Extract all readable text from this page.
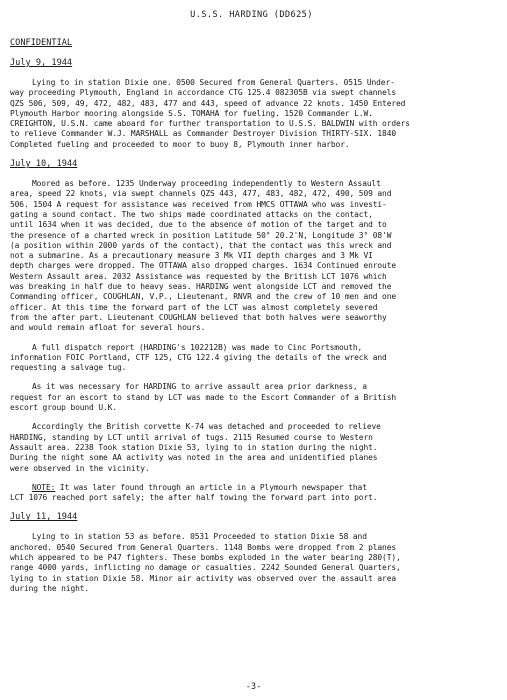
U.S.S. HARDING (DD625)
CONFIDENTIAL
July 9, 1944
Lying to in station Dixie one. 0500 Secured from General Quarters. 0515 Under-
way proceeding Plymouth, England in accordance CTG 125.4 082305B via swept channels
QZS 506, 509, 49, 472, 482, 483, 477 and 443, speed of advance 22 knots. 1450 Entered
Plymouth Harbor mooring alongside S.S. TOMAHA for fueling. 1520 Commander L.W.
CREIGHTON, U.S.N. came aboard for further transportation to U.S.S. BALDWIN with orders
to relieve Commander W.J. MARSHALL as Commander Destroyer Division THIRTY-SIX. 1840
Completed fueling and proceeded to moor to buoy 8, Plymouth inner harbor.
July 10, 1944
Moored as before. 1235 Underway proceeding independently to Western Assault
area, speed 22 knots, via swept channels QZS 443, 477, 483, 482, 472, 490, 509 and
506. 1504 A request for assistance was received from HMCS OTTAWA who was investi-
gating a sound contact. The two ships made coordinated attacks on the contact,
until 1634 when it was decided, due to the absence of motion of the target and to
the presence of a charted wreck in position Latitude 50° 20.2'N, Longitude 3° 08'W
(a position within 2000 yards of the contact), that the contact was this wreck and
not a submarine. As a precautionary measure 3 Mk VII depth charges and 3 Mk VI
depth charges were dropped. The OTTAWA also dropped charges. 1634 Continued enroute
Western Assault area. 2032 Assistance was requested by the British LCT 1076 which
was breaking in half due to heavy seas. HARDING went alongside LCT and removed the
Commanding officer, COUGHLAN, V.P., Lieutenant, RNVR and the crew of 10 men and one
officer. At this time the forward part of the LCT was almost completely severed
from the after part. Lieutenant COUGHLAN believed that both halves were seaworthy
and would remain afloat for several hours.
A full dispatch report (HARDING's 102212B) was made to Cinc Portsmouth,
information FOIC Portland, CTF 125, CTG 122.4 giving the details of the wreck and
requesting a salvage tug.
As it was necessary for HARDING to arrive assault area prior darkness, a
request for an escort to stand by LCT was made to the Escort Commander of a British
escort group bound U.K.
Accordingly the British corvette K-74 was detached and proceeded to relieve
HARDING, standing by LCT until arrival of tugs. 2115 Resumed course to Western
Assault area. 2238 Took station Dixie 53, lying to in station during the night.
During the night some AA activity was noted in the area and unidentified planes
were observed in the vicinity.
NOTE: It was later found through an article in a Plymourh newspaper that
LCT 1076 reached port safely; the after half towing the forward part into port.
July 11, 1944
Lying to in station 53 as before. 0531 Proceeded to station Dixie 58 and
anchored. 0540 Secured from General Quarters. 1148 Bombs were dropped from 2 planes
which appeared to be P47 fighters. These bombs exploded in the water bearing 280(T),
range 4000 yards, inflicting no damage or casualties. 2242 Sounded General Quarters,
lying to in station Dixie 58. Minor air activity was observed over the assault area
during the night.
-3-
